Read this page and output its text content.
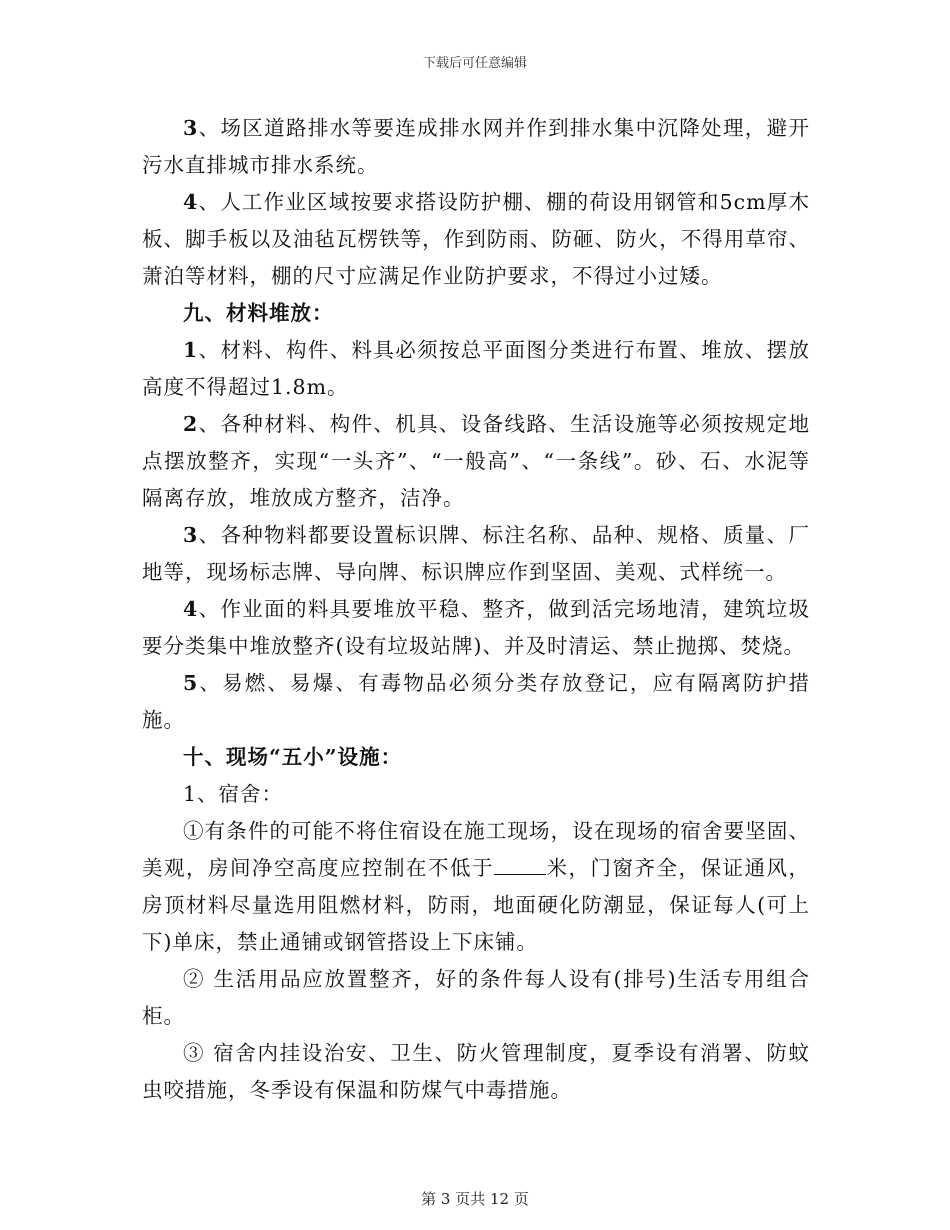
下载后可任意编辑

3、场区道路排水等要连成排水网并作到排水集中沉降处理，避开污水直排城市排水系统。

4、人工作业区域按要求搭设防护棚、棚的荷设用钢管和5cm厚木板、脚手板以及油毡瓦楞铁等，作到防雨、防砸、防火，不得用草帘、萧泊等材料，棚的尺寸应满足作业防护要求，不得过小过矮。

九、材料堆放：

1、材料、构件、料具必须按总平面图分类进行布置、堆放、摆放高度不得超过1.8m。

2、各种材料、构件、机具、设备线路、生活设施等必须按规定地点摆放整齐，实现“一头齐”、“一般高”、“一条线”。砂、石、水泥等隔离存放，堆放成方整齐，洁净。

3、各种物料都要设置标识牌、标注名称、品种、规格、质量、厂地等，现场标志牌、导向牌、标识牌应作到坚固、美观、式样统一。

4、作业面的料具要堆放平稳、整齐，做到活完场地清，建筑垃圾要分类集中堆放整齐(设有垃圾站牌)、并及时清运、禁止抛掷、焚烧。

5、易燃、易爆、有毒物品必须分类存放登记，应有隔离防护措施。

十、现场“五小”设施：

1、宿舍：

①有条件的可能不将住宿设在施工现场，设在现场的宿舍要坚固、美观，房间净空高度应控制在不低于	米，门窗齐全，保证通风，房顶材料尽量选用阻燃材料，防雨，地面硬化防潮显，保证每人(可上下)单床，禁止通铺或钢管搭设上下床铺。

② 生活用品应放置整齐，好的条件每人设有(排号)生活专用组合柜。

③ 宿舍内挂设治安、卫生、防火管理制度，夏季设有消署、防蚊虫咬措施，冬季设有保温和防煤气中毒措施。

第 3 页共 12 页
